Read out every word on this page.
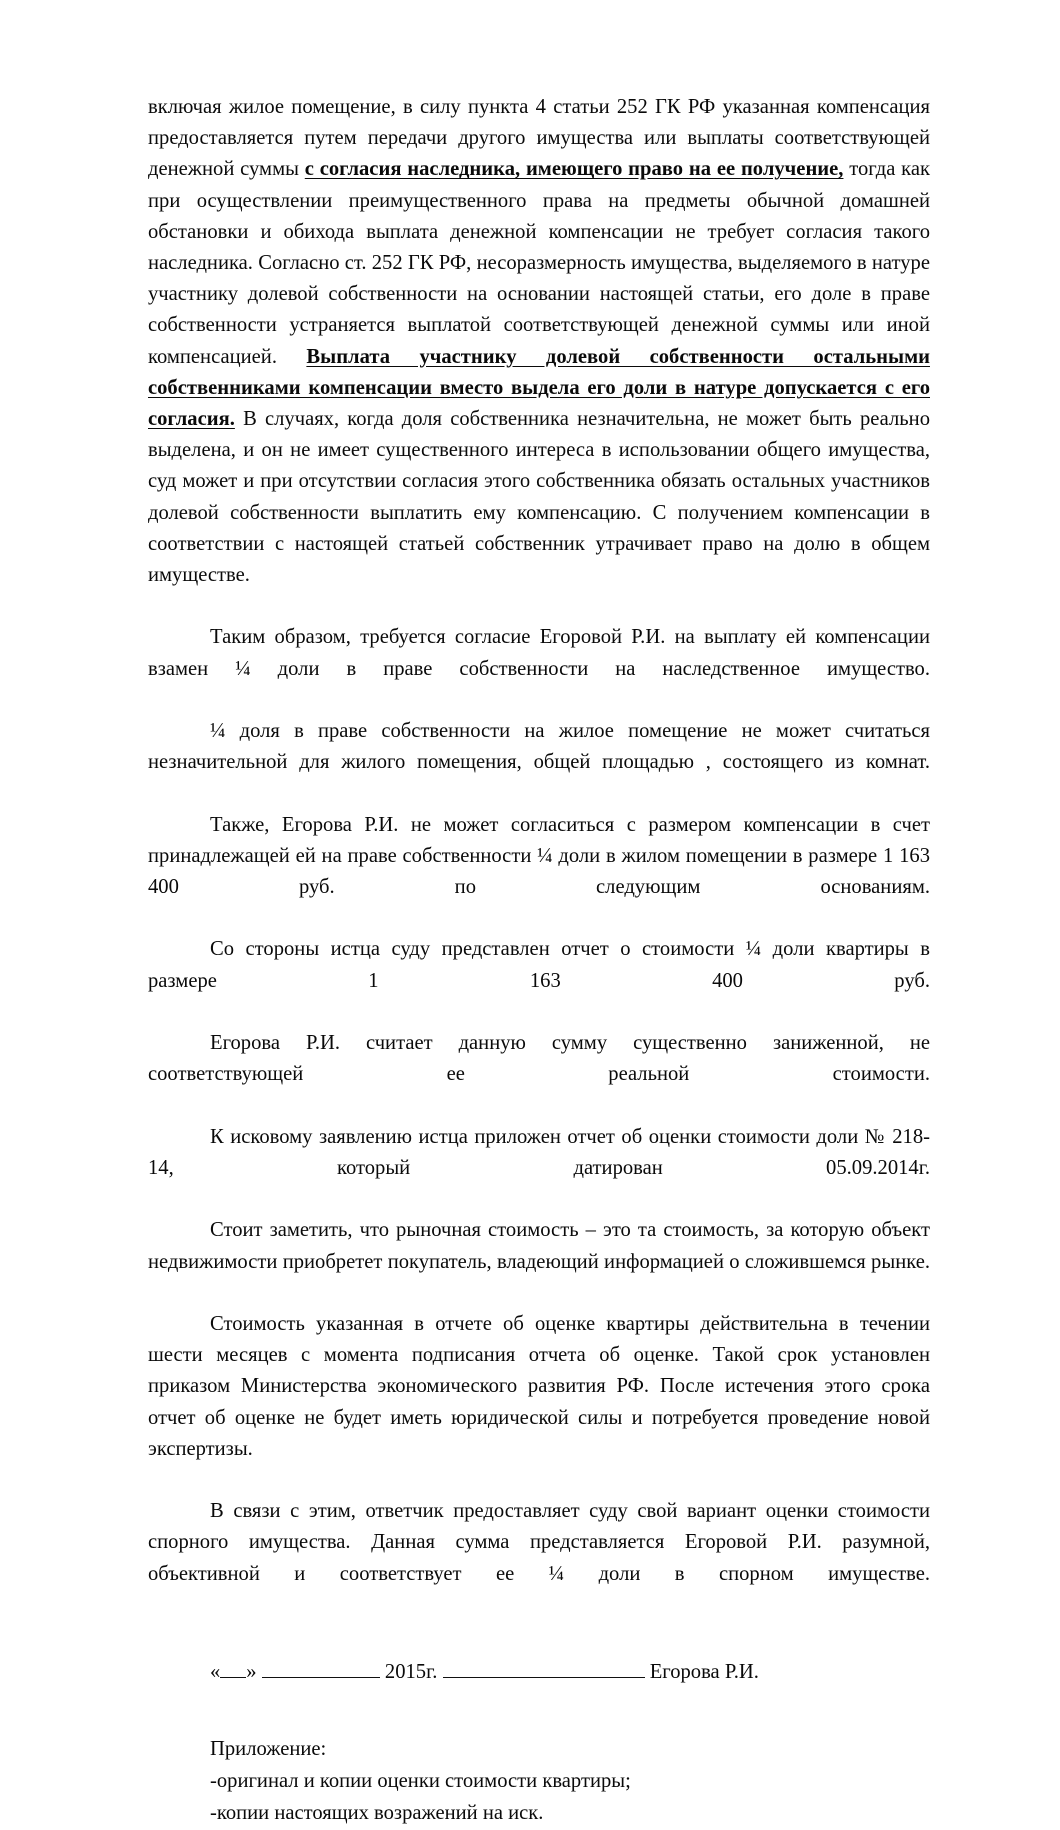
включая жилое помещение, в силу пункта 4 статьи 252 ГК РФ указанная компенсация предоставляется путем передачи другого имущества или выплаты соответствующей денежной суммы с согласия наследника, имеющего право на ее получение, тогда как при осуществлении преимущественного права на предметы обычной домашней обстановки и обихода выплата денежной компенсации не требует согласия такого наследника. Согласно ст. 252 ГК РФ, несоразмерность имущества, выделяемого в натуре участнику долевой собственности на основании настоящей статьи, его доле в праве собственности устраняется выплатой соответствующей денежной суммы или иной компенсацией. Выплата участнику долевой собственности остальными собственниками компенсации вместо выдела его доли в натуре допускается с его согласия. В случаях, когда доля собственника незначительна, не может быть реально выделена, и он не имеет существенного интереса в использовании общего имущества, суд может и при отсутствии согласия этого собственника обязать остальных участников долевой собственности выплатить ему компенсацию. С получением компенсации в соответствии с настоящей статьей собственник утрачивает право на долю в общем имуществе.

Таким образом, требуется согласие Егоровой Р.И. на выплату ей компенсации взамен ¼ доли в праве собственности на наследственное имущество.

¼ доля в праве собственности на жилое помещение не может считаться незначительной для жилого помещения, общей площадью , состоящего из комнат.

Также, Егорова Р.И. не может согласиться с размером компенсации в счет принадлежащей ей на праве собственности ¼ доли в жилом помещении в размере 1 163 400 руб. по следующим основаниям.

Со стороны истца суду представлен отчет о стоимости ¼ доли квартиры в размере 1 163 400 руб.

Егорова Р.И. считает данную сумму существенно заниженной, не соответствующей ее реальной стоимости.

К исковому заявлению истца приложен отчет об оценки стоимости доли № 218-14, который датирован 05.09.2014г.

Стоит заметить, что рыночная стоимость – это та стоимость, за которую объект недвижимости приобретет покупатель, владеющий информацией о сложившемся рынке.

Стоимость указанная в отчете об оценке квартиры действительна в течении шести месяцев с момента подписания отчета об оценке. Такой срок установлен приказом Министерства экономического развития РФ. После истечения этого срока отчет об оценке не будет иметь юридической силы и потребуется проведение новой экспертизы.

В связи с этим, ответчик предоставляет суду свой вариант оценки стоимости спорного имущества. Данная сумма представляется Егоровой Р.И. разумной, объективной и соответствует ее ¼ доли в спорном имуществе.

« »	2015г.	Егорова Р.И.
Приложение:
-оригинал и копии оценки стоимости квартиры;
-копии настоящих возражений на иск.
